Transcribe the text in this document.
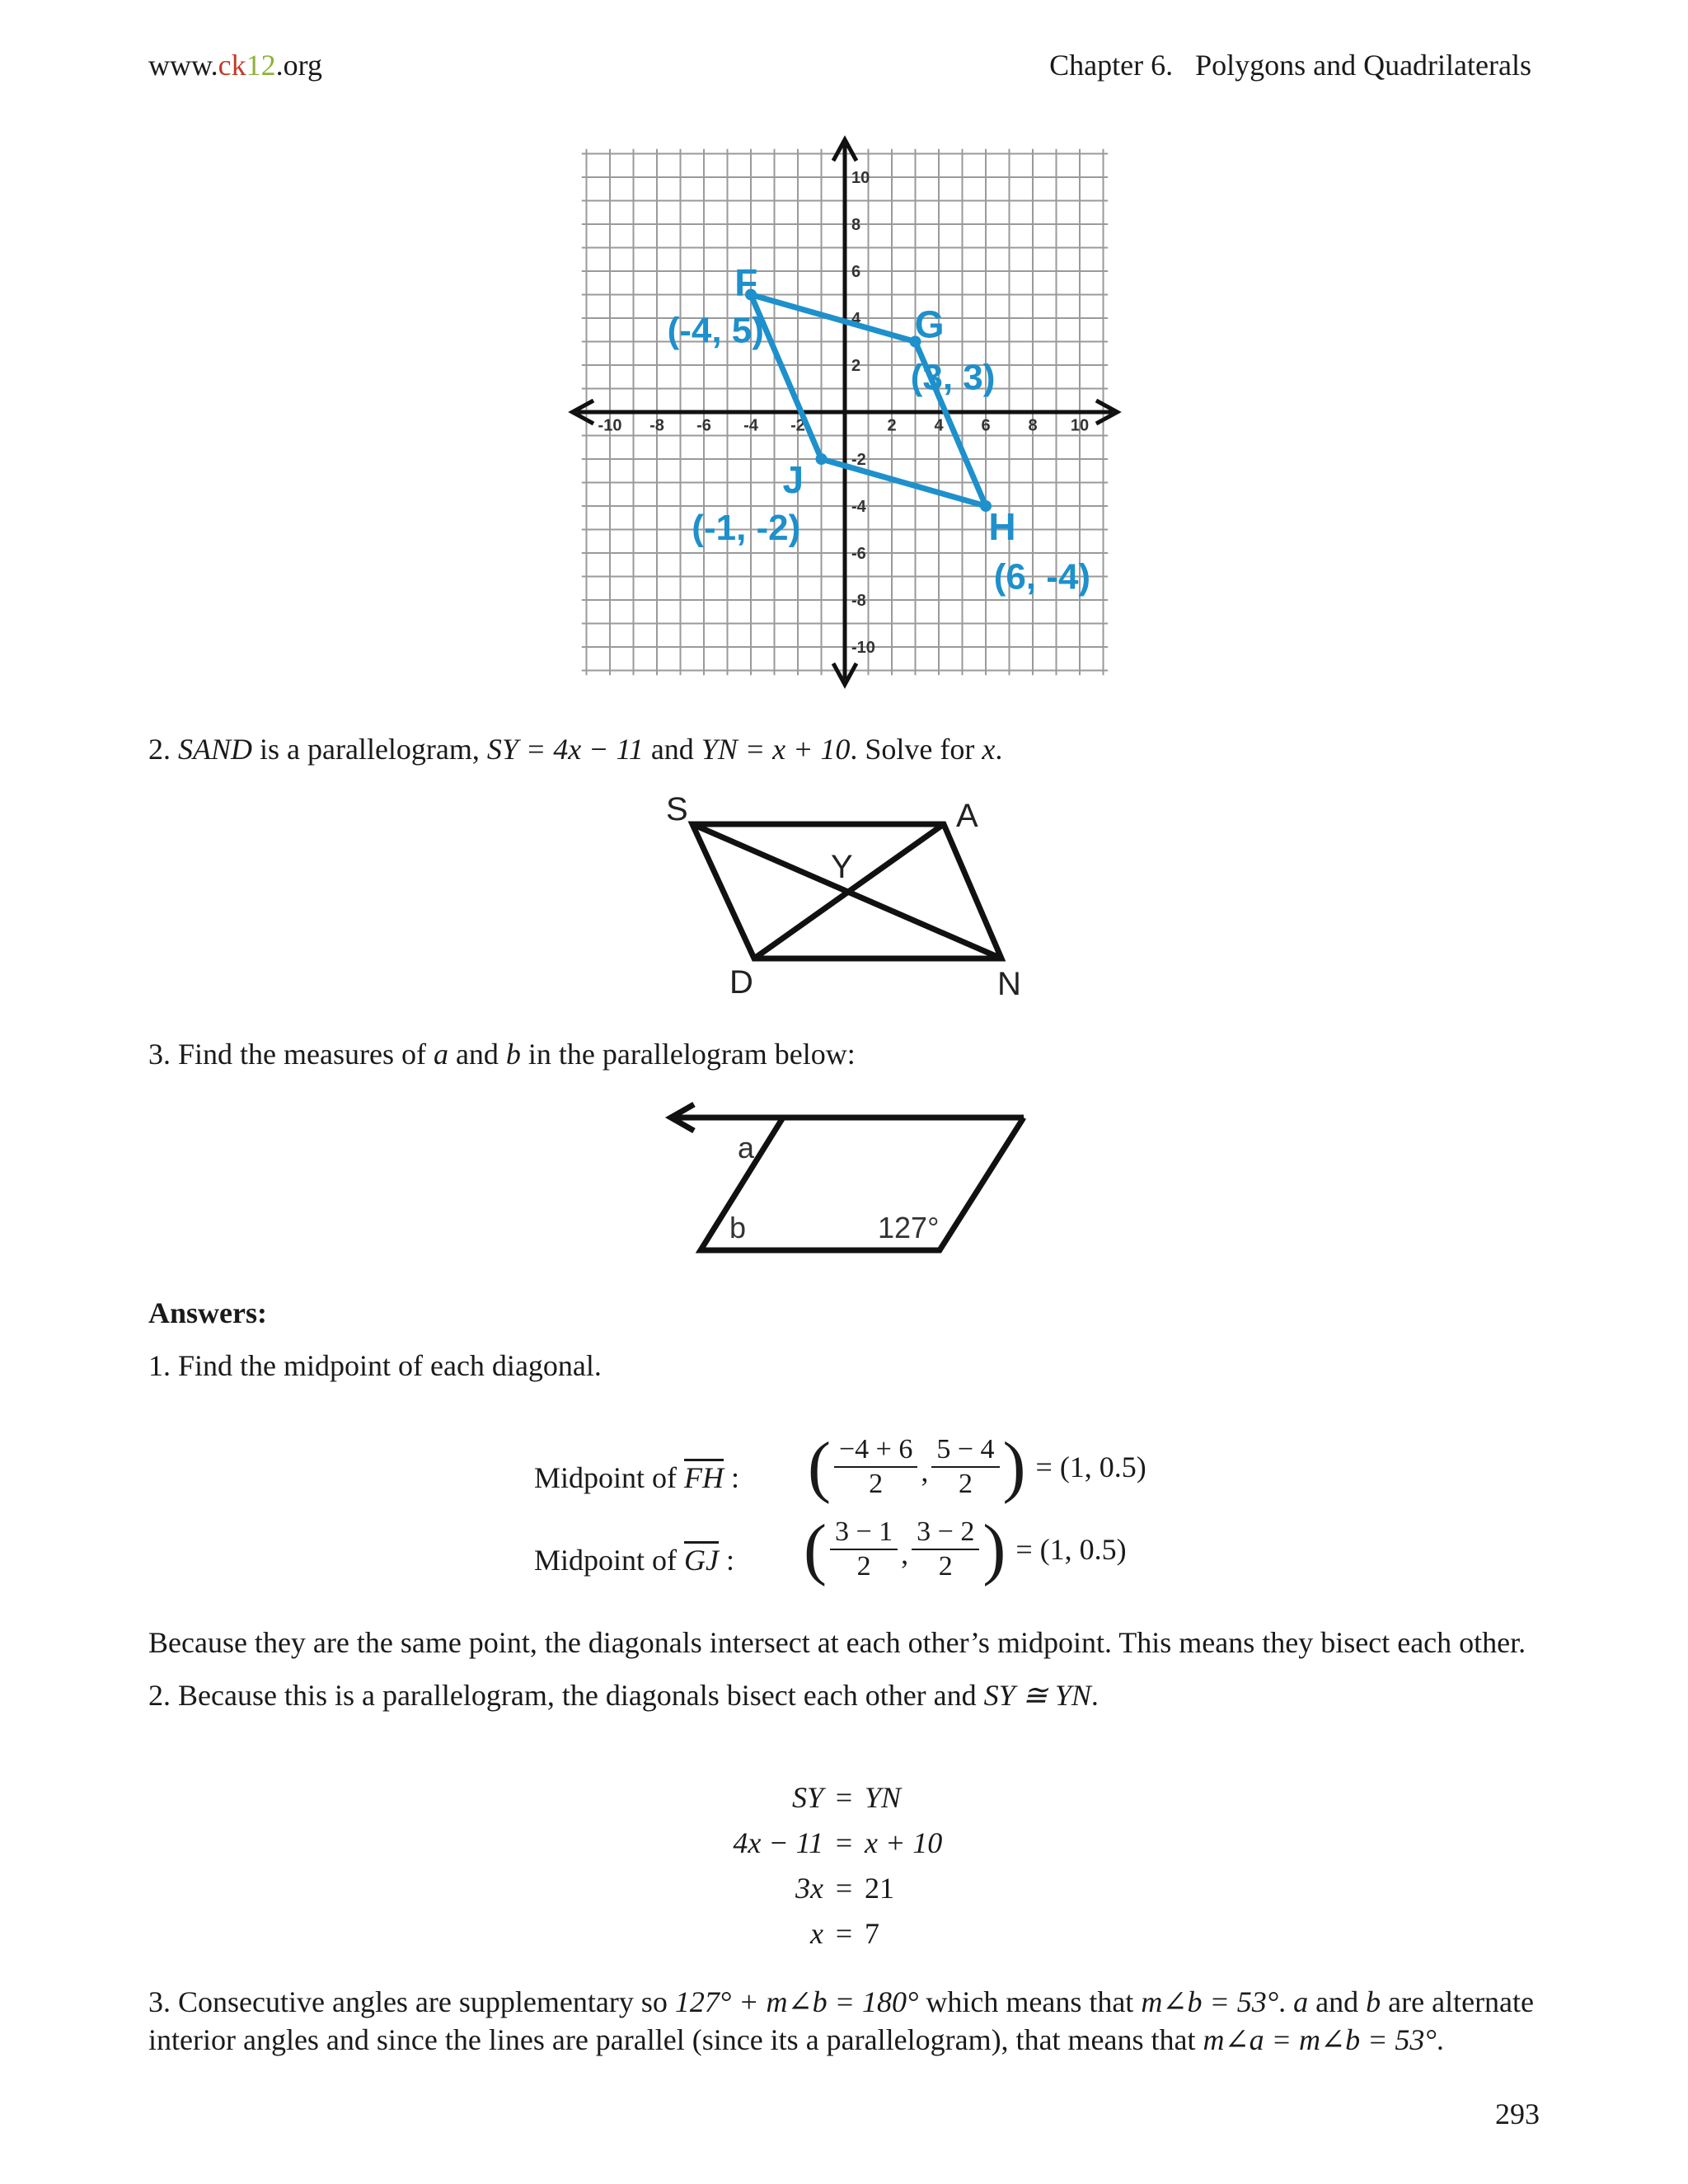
www.ck12.org	Chapter 6.   Polygons and Quadrilaterals
-10 -8 -6 -4 -2	2 4 6 8 10
10
8
6
4
2
-2
-4
-6
-8
-10
F
(-4, 5)	G
(3, 3)
H
(6, -4)
J
(-1, -2)
2. SAND is a parallelogram, SY = 4x − 11 and YN = x + 10. Solve for x.
S	A
Y
D	N
3. Find the measures of a and b in the parallelogram below:
a
b	127°
Answers:
1. Find the midpoint of each diagonal.
Midpoint of $\overline{FH}$ : ( $\frac{-4 + 6}{2}$ , $\frac{5 - 4}{2}$ ) = (1, 0.5)
Midpoint of $\overline{GJ}$ : ( $\frac{3 - 1}{2}$ , $\frac{3 - 2}{2}$ ) = (1, 0.5)
Because they are the same point, the diagonals intersect at each other’s midpoint. This means they bisect each other.
2. Because this is a parallelogram, the diagonals bisect each other and SY ≅ YN.
SY = YN
4x − 11 = x + 10
3x = 21
x = 7
3. Consecutive angles are supplementary so 127° + m∠b = 180° which means that m∠b = 53°. a and b are alternate
interior angles and since the lines are parallel (since its a parallelogram), that means that m∠a = m∠b = 53°.
293
